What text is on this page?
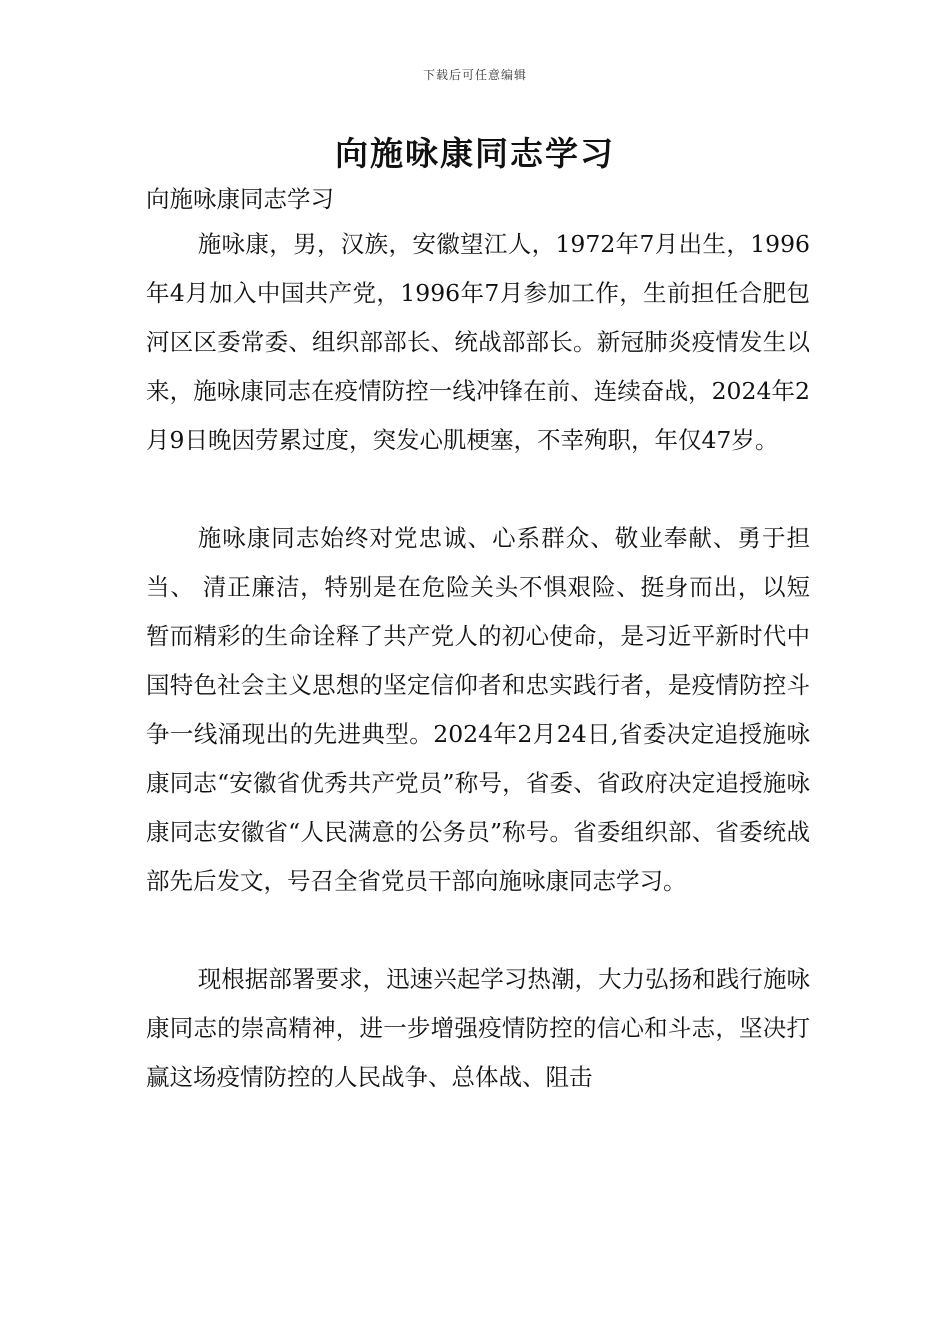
下载后可任意编辑
向施咏康同志学习

向施咏康同志学习

施咏康，男，汉族，安徽望江人，1972年7月出生，1996年4月加入中国共产党，1996年7月参加工作，生前担任合肥包河区区委常委、组织部部长、统战部部长。新冠肺炎疫情发生以来，施咏康同志在疫情防控一线冲锋在前、连续奋战，2024年2月9日晚因劳累过度，突发心肌梗塞，不幸殉职，年仅47岁。

施咏康同志始终对党忠诚、心系群众、敬业奉献、勇于担当、 清正廉洁，特别是在危险关头不惧艰险、挺身而出，以短暂而精彩的生命诠释了共产党人的初心使命，是习近平新时代中国特色社会主义思想的坚定信仰者和忠实践行者，是疫情防控斗争一线涌现出的先进典型。2024年2月24日,省委决定追授施咏康同志“安徽省优秀共产党员”称号，省委、省政府决定追授施咏康同志安徽省“人民满意的公务员”称号。省委组织部、省委统战部先后发文，号召全省党员干部向施咏康同志学习。

现根据部署要求，迅速兴起学习热潮，大力弘扬和践行施咏康同志的崇高精神，进一步增强疫情防控的信心和斗志，坚决打赢这场疫情防控的人民战争、总体战、阻击
